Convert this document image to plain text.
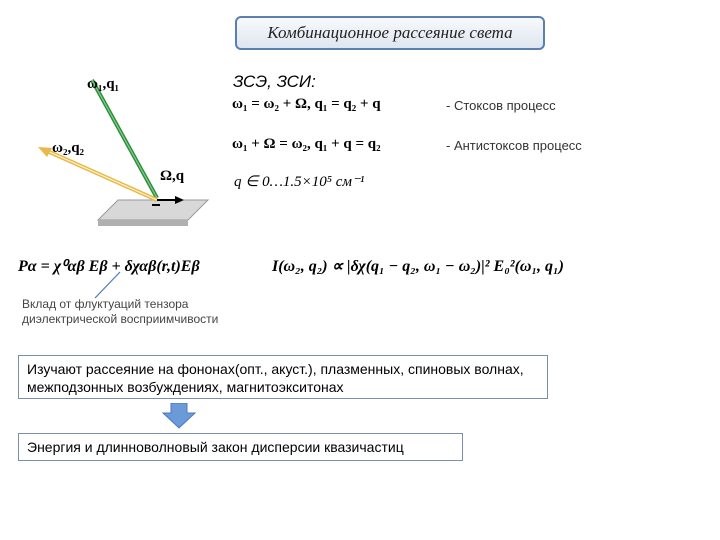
Комбинационное рассеяние света
ω₁,q₁
ω₂,q₂
Ω,q
ЗСЭ, ЗСИ:
ω₁ = ω₂ + Ω, q₁ = q₂ + q	- Стоксов процесс
ω₁ + Ω = ω₂, q₁ + q = q₂	- Антистоксов процесс
q ∈ 0…1.5×10⁵ см⁻¹
Pα = χ⁰αβ Eβ + δχαβ(r,t)Eβ	I(ω₂, q₂) ∝ |δχ(q₁ − q₂, ω₁ − ω₂)|² E₀²(ω₁, q₁)
Вклад от флуктуаций тензора диэлектрической восприимчивости
Изучают рассеяние на фононах(опт., акуст.), плазменных, спиновых волнах, межподзонных возбуждениях, магнитоэкситонах
Энергия и длинноволновый закон дисперсии квазичастиц
